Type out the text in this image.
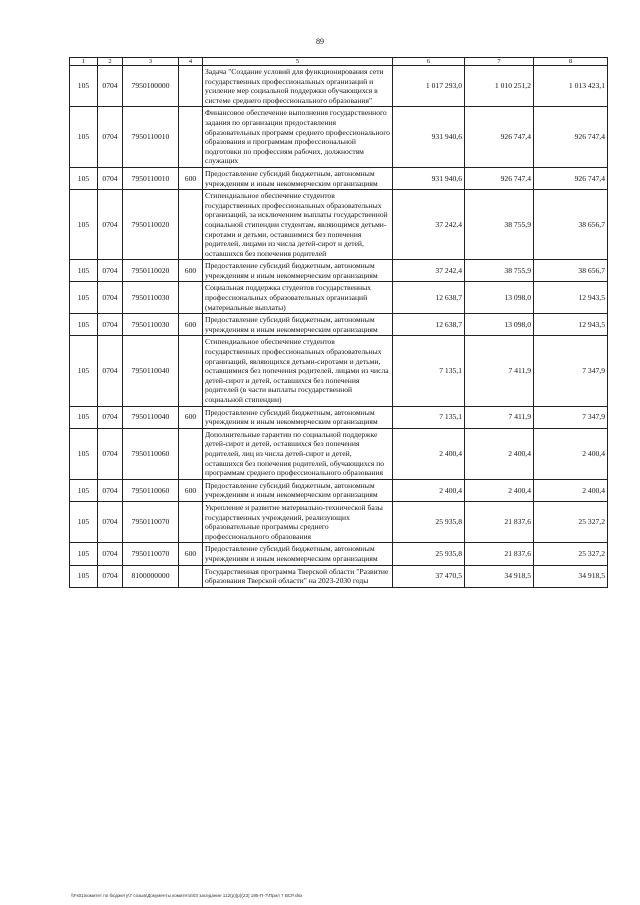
89
1	2	3	4	5	6	7	8
105	0704	7950100000		Задача "Создание условий для функционирования сети государственных профессиональных организаций и усиление мер социальной поддержки обучающихся в системе среднего профессионального образования"	1 017 293,0	1 010 251,2	1 013 423,1
105	0704	7950110010		Финансовое обеспечение выполнения государственного задания по организации предоставления образовательных программ среднего профессионального образования и программам профессиональной подготовки по профессиям рабочих, должностям служащих	931 940,6	926 747,4	926 747,4
105	0704	7950110010	600	Предоставление субсидий бюджетным, автономным учреждениям и иным некоммерческим организациям	931 940,6	926 747,4	926 747,4
105	0704	7950110020		Стипендиальное обеспечение студентов государственных профессиональных образовательных организаций, за исключением выплаты государственной социальной стипендии студентам, являющимся детьми-сиротами и детьми, оставшимися без попечения родителей, лицами из числа детей-сирот и детей, оставшихся без попечения родителей	37 242,4	38 755,9	38 656,7
105	0704	7950110020	600	Предоставление субсидий бюджетным, автономным учреждениям и иным некоммерческим организациям	37 242,4	38 755,9	38 656,7
105	0704	7950110030		Социальная поддержка студентов государственных профессиональных образовательных организаций (материальные выплаты)	12 638,7	13 098,0	12 943,5
105	0704	7950110030	600	Предоставление субсидий бюджетным, автономным учреждениям и иным некоммерческим организациям	12 638,7	13 098,0	12 943,5
105	0704	7950110040		Стипендиальное обеспечение студентов государственных профессиональных образовательных организаций, являющихся детьми-сиротами и детьми, оставшимися без попечения родителей, лицами из числа детей-сирот и детей, оставшихся без попечения родителей (в части выплаты государственной социальной стипендии)	7 135,1	7 411,9	7 347,9
105	0704	7950110040	600	Предоставление субсидий бюджетным, автономным учреждениям и иным некоммерческим организациям	7 135,1	7 411,9	7 347,9
105	0704	7950110060		Дополнительные гарантии по социальной поддержке детей-сирот и детей, оставшихся без попечения родителей, лиц из числа детей-сирот и детей, оставшихся без попечения родителей, обучающихся по программам среднего профессионального образования	2 400,4	2 400,4	2 400,4
105	0704	7950110060	600	Предоставление субсидий бюджетным, автономным учреждениям и иным некоммерческим организациям	2 400,4	2 400,4	2 400,4
105	0704	7950110070		Укрепление и развитие материально-технической базы государственных учреждений, реализующих образовательные программы среднего профессионального образования	25 935,8	21 837,6	25 327,2
105	0704	7950110070	600	Предоставление субсидий бюджетным, автономным учреждениям и иным некоммерческим организациям	25 935,8	21 837,6	25 327,2
105	0704	8100000000		Государственная программа Тверской области "Развитие образования Тверской области" на 2023-2030 годы	37 470,5	34 918,5	34 918,5
\\Fs01\комитет по бюджету\7 созыв\Документы комитета\03 заседание 112(р)(р)(23) 195-П-7\Прил 7 ВСР.xlsx
